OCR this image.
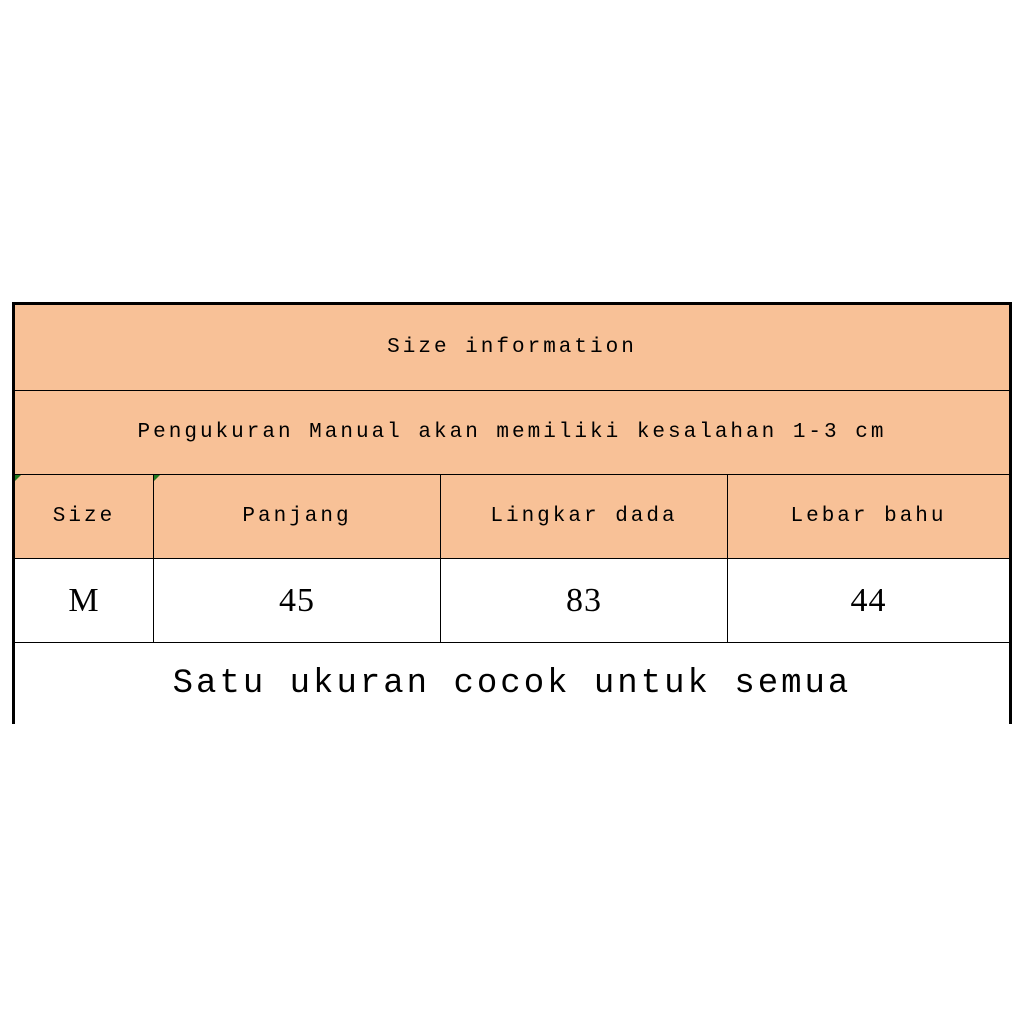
Size information
Pengukuran Manual akan memiliki kesalahan 1-3 cm
Size	Panjang	Lingkar dada	Lebar bahu
M	45	83	44
Satu ukuran cocok untuk semua
